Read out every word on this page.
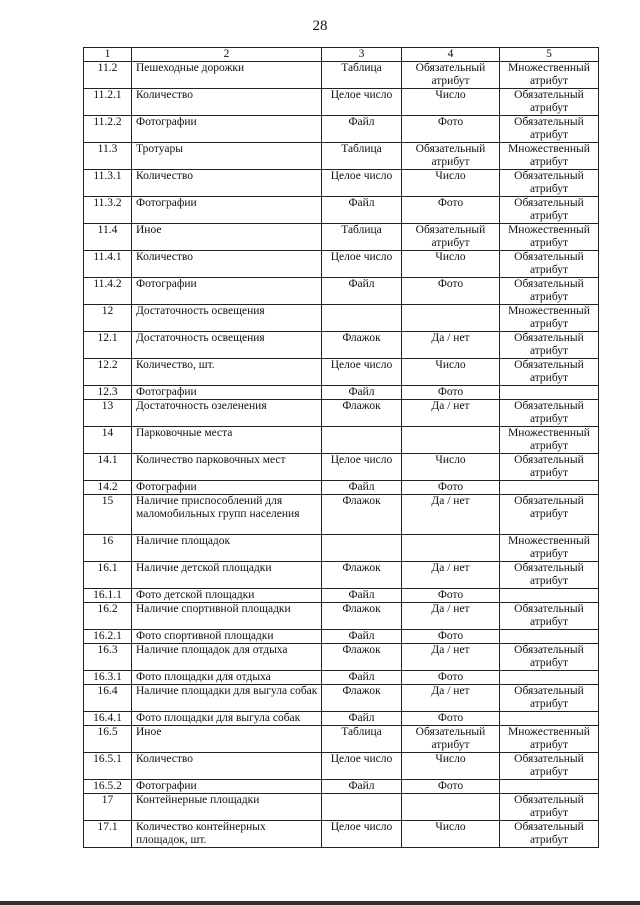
28
1	2	3	4	5
11.2	Пешеходные дорожки	Таблица	Обязательный атрибут	Множественный атрибут
11.2.1	Количество	Целое число	Число	Обязательный атрибут
11.2.2	Фотографии	Файл	Фото	Обязательный атрибут
11.3	Тротуары	Таблица	Обязательный атрибут	Множественный атрибут
11.3.1	Количество	Целое число	Число	Обязательный атрибут
11.3.2	Фотографии	Файл	Фото	Обязательный атрибут
11.4	Иное	Таблица	Обязательный атрибут	Множественный атрибут
11.4.1	Количество	Целое число	Число	Обязательный атрибут
11.4.2	Фотографии	Файл	Фото	Обязательный атрибут
12	Достаточность освещения			Множественный атрибут
12.1	Достаточность освещения	Флажок	Да / нет	Обязательный атрибут
12.2	Количество, шт.	Целое число	Число	Обязательный атрибут
12.3	Фотографии	Файл	Фото	
13	Достаточность озеленения	Флажок	Да / нет	Обязательный атрибут
14	Парковочные места			Множественный атрибут
14.1	Количество парковочных мест	Целое число	Число	Обязательный атрибут
14.2	Фотографии	Файл	Фото	
15	Наличие приспособлений для маломобильных групп населения	Флажок	Да / нет	Обязательный атрибут
16	Наличие площадок			Множественный атрибут
16.1	Наличие детской площадки	Флажок	Да / нет	Обязательный атрибут
16.1.1	Фото детской площадки	Файл	Фото	
16.2	Наличие спортивной площадки	Флажок	Да / нет	Обязательный атрибут
16.2.1	Фото спортивной площадки	Файл	Фото	
16.3	Наличие площадок для отдыха	Флажок	Да / нет	Обязательный атрибут
16.3.1	Фото площадки для отдыха	Файл	Фото	
16.4	Наличие площадки для выгула собак	Флажок	Да / нет	Обязательный атрибут
16.4.1	Фото площадки для выгула собак	Файл	Фото	
16.5	Иное	Таблица	Обязательный атрибут	Множественный атрибут
16.5.1	Количество	Целое число	Число	Обязательный атрибут
16.5.2	Фотографии	Файл	Фото	
17	Контейнерные площадки			Обязательный атрибут
17.1	Количество контейнерных площадок, шт.	Целое число	Число	Обязательный атрибут
